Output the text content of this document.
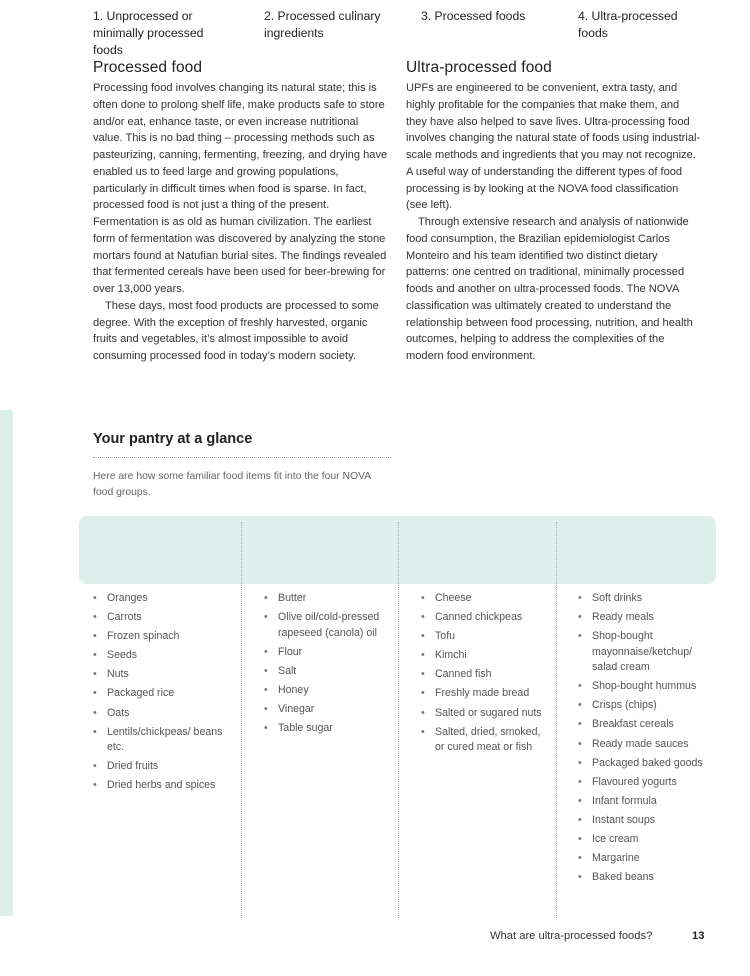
Processed food

Processing food involves changing its natural state; this is often done to prolong shelf life, make products safe to store and/or eat, enhance taste, or even increase nutritional value. This is no bad thing – processing methods such as pasteurizing, canning, fermenting, freezing, and drying have enabled us to feed large and growing populations, particularly in difficult times when food is sparse. In fact, processed food is not just a thing of the present. Fermentation is as old as human civilization. The earliest form of fermentation was discovered by analyzing the stone mortars found at Natufian burial sites. The findings revealed that fermented cereals have been used for beer-brewing for over 13,000 years.

These days, most food products are processed to some degree. With the exception of freshly harvested, organic fruits and vegetables, it’s almost impossible to avoid consuming processed food in today’s modern society.

Ultra-processed food

UPFs are engineered to be convenient, extra tasty, and highly profitable for the companies that make them, and they have also helped to save lives. Ultra-processing food involves changing the natural state of foods using industrial-scale methods and ingredients that you may not recognize. A useful way of understanding the different types of food processing is by looking at the NOVA food classification (see left).

Through extensive research and analysis of nationwide food consumption, the Brazilian epidemiologist Carlos Monteiro and his team identified two distinct dietary patterns: one centred on traditional, minimally processed foods and another on ultra-processed foods. The NOVA classification was ultimately created to understand the relationship between food processing, nutrition, and health outcomes, helping to address the complexities of the modern food environment.

Your pantry at a glance
Here are how some familiar food items fit into the four NOVA food groups.
1. Unprocessed or minimally processed foods
2. Processed culinary ingredients
3. Processed foods	4. Ultra-processed foods
• Oranges
• Carrots
• Frozen spinach
• Seeds
• Nuts
• Packaged rice
• Oats
• Lentils/chickpeas/ beans etc.
• Dried fruits
• Dried herbs and spices
• Butter
• Olive oil/cold-pressed rapeseed (canola) oil
• Flour
• Salt
• Honey
• Vinegar
• Table sugar
• Cheese
• Canned chickpeas
• Tofu
• Kimchi
• Canned fish
• Freshly made bread
• Salted or sugared nuts
• Salted, dried, smoked, or cured meat or fish
• Soft drinks
• Ready meals
• Shop-bought mayonnaise/ketchup/ salad cream
• Shop-bought hummus
• Crisps (chips)
• Breakfast cereals
• Ready made sauces
• Packaged baked goods
• Flavoured yogurts
• Infant formula
• Instant soups
• Ice cream
• Margarine
• Baked beans
What are ultra-processed foods?	13
